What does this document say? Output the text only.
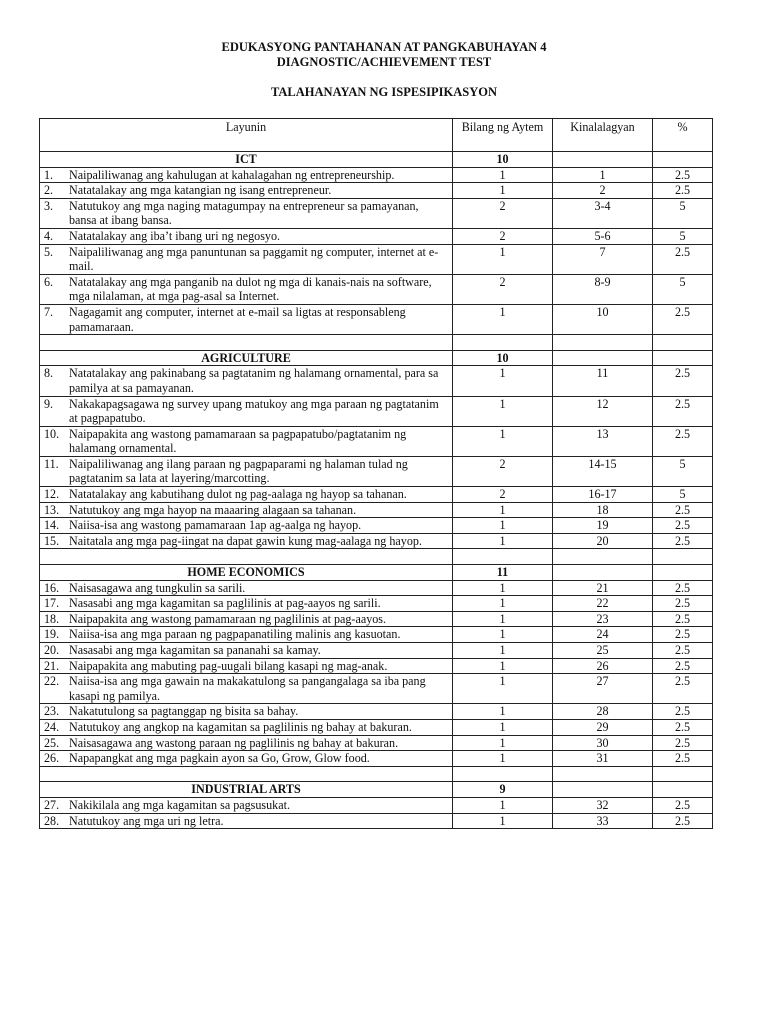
EDUKASYONG PANTAHANAN AT PANGKABUHAYAN 4
DIAGNOSTIC/ACHIEVEMENT TEST
TALAHANAYAN NG ISPESIPIKASYON
Layunin	Bilang ng Aytem	Kinalalagyan	%
ICT	10		

1. Naipaliliwanag ang kahulugan at kahalagahan ng entrepreneurship.	1	1	2.5

2. Natatalakay ang mga katangian ng isang entrepreneur.	1	2	2.5

3. Natutukoy ang mga naging matagumpay na entrepreneur sa pamayanan, bansa at ibang bansa.	2	3-4	5

4. Natatalakay ang iba’t ibang uri ng negosyo.	2	5-6	5

5. Naipaliliwanag ang mga panuntunan sa paggamit ng computer, internet at e-mail.	1	7	2.5

6. Natatalakay ang mga panganib na dulot ng mga di kanais-nais na software, mga nilalaman, at mga pag-asal sa Internet.	2	8-9	5

7. Nagagamit ang computer, internet at e-mail sa ligtas at responsableng pamamaraan.	1	10	2.5

AGRICULTURE	10		

8. Natatalakay ang pakinabang sa pagtatanim ng halamang ornamental, para sa pamilya at sa pamayanan.	1	11	2.5

9. Nakakapagsagawa ng survey upang matukoy ang mga paraan ng pagtatanim at pagpapatubo.	1	12	2.5

10. Naipapakita ang wastong pamamaraan sa pagpapatubo/pagtatanim ng halamang ornamental.	1	13	2.5

11. Naipaliliwanag ang ilang paraan ng pagpaparami ng halaman tulad ng pagtatanim sa lata at layering/marcotting.	2	14-15	5

12. Natatalakay ang kabutihang dulot ng pag-aalaga ng hayop sa tahanan.	2	16-17	5

13. Natutukoy ang mga hayop na maaaring alagaan sa tahanan.	1	18	2.5

14. Naiisa-isa ang wastong pamamaraan 1ap ag-aalga ng hayop.	1	19	2.5

15. Naitatala ang mga pag-iingat na dapat gawin kung mag-aalaga ng hayop.	1	20	2.5

HOME ECONOMICS	11		

16. Naisasagawa ang tungkulin sa sarili.	1	21	2.5

17. Nasasabi ang mga kagamitan sa paglilinis at pag-aayos ng sarili.	1	22	2.5

18. Naipapakita ang wastong pamamaraan ng paglilinis at pag-aayos.	1	23	2.5

19. Naiisa-isa ang mga paraan ng pagpapanatiling malinis ang kasuotan.	1	24	2.5

20. Nasasabi ang mga kagamitan sa pananahi sa kamay.	1	25	2.5

21. Naipapakita ang mabuting pag-uugali bilang kasapi ng mag-anak.	1	26	2.5

22. Naiisa-isa ang mga gawain na makakatulong sa pangangalaga sa iba pang kasapi ng pamilya.	1	27	2.5

23. Nakatutulong sa pagtanggap ng bisita sa bahay.	1	28	2.5

24. Natutukoy ang angkop na kagamitan sa paglilinis ng bahay at bakuran.	1	29	2.5

25. Naisasagawa ang wastong paraan ng paglilinis ng bahay at bakuran.	1	30	2.5

26. Napapangkat ang mga pagkain ayon sa Go, Grow, Glow food.	1	31	2.5

INDUSTRIAL ARTS	9		

27. Nakikilala ang mga kagamitan sa pagsusukat.	1	32	2.5

28. Natutukoy ang mga uri ng letra.	1	33	2.5
